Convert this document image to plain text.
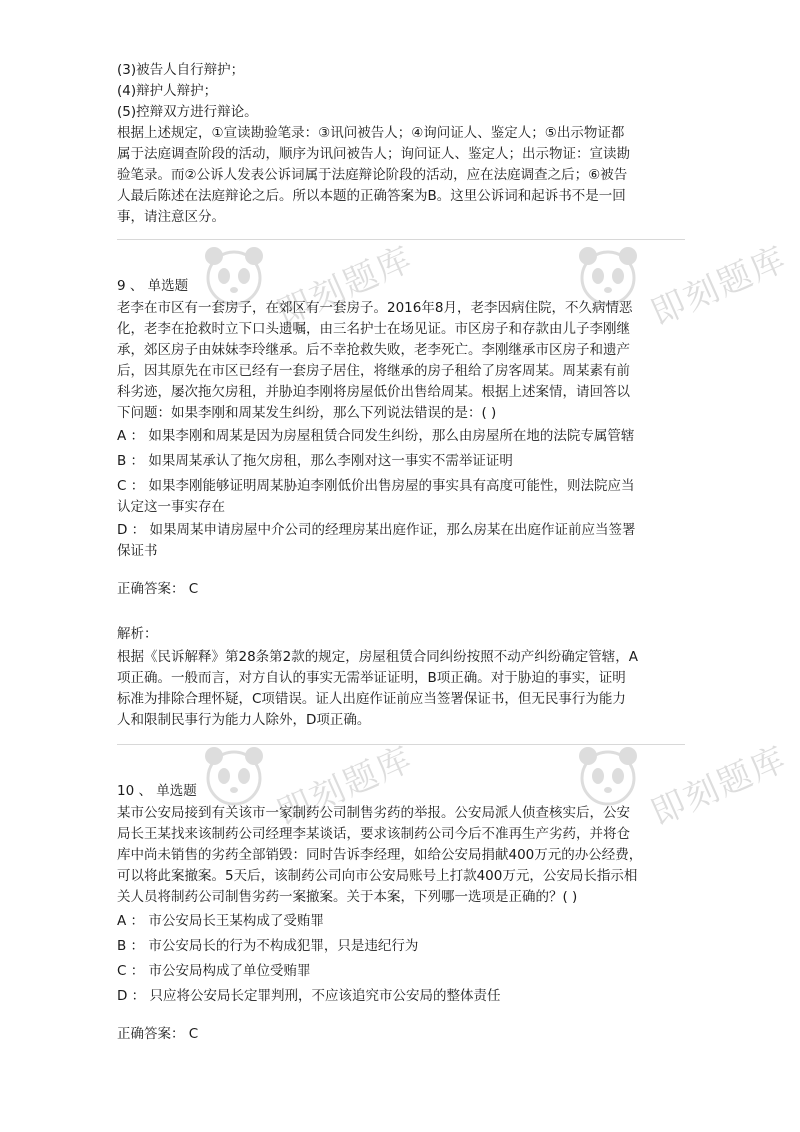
即刻题库	即刻题库
即刻题库	即刻题库
(3)被告人自行辩护；
(4)辩护人辩护；
(5)控辩双方进行辩论。
根据上述规定，①宣读勘验笔录：③讯问被告人；④询问证人、鉴定人；⑤出示物证都
属于法庭调查阶段的活动，顺序为讯问被告人；询问证人、鉴定人；出示物证：宣读勘
验笔录。而②公诉人发表公诉词属于法庭辩论阶段的活动，应在法庭调查之后；⑥被告
人最后陈述在法庭辩论之后。所以本题的正确答案为B。这里公诉词和起诉书不是一回
事，请注意区分。
9 、 单选题
老李在市区有一套房子，在郊区有一套房子。2016年8月，老李因病住院，不久病情恶
化，老李在抢救时立下口头遗嘱，由三名护士在场见证。市区房子和存款由儿子李刚继
承，郊区房子由妹妹李玲继承。后不幸抢救失败，老李死亡。李刚继承市区房子和遗产
后，因其原先在市区已经有一套房子居住，将继承的房子租给了房客周某。周某素有前
科劣迹，屡次拖欠房租，并胁迫李刚将房屋低价出售给周某。根据上述案情，请回答以
下问题：如果李刚和周某发生纠纷，那么下列说法错误的是：( )
A ： 如果李刚和周某是因为房屋租赁合同发生纠纷，那么由房屋所在地的法院专属管辖
B ： 如果周某承认了拖欠房租，那么李刚对这一事实不需举证证明
C ： 如果李刚能够证明周某胁迫李刚低价出售房屋的事实具有高度可能性，则法院应当
认定这一事实存在
D ： 如果周某申请房屋中介公司的经理房某出庭作证，那么房某在出庭作证前应当签署
保证书
正确答案： C
解析：
根据《民诉解释》第28条第2款的规定，房屋租赁合同纠纷按照不动产纠纷确定管辖，A
项正确。一般而言，对方自认的事实无需举证证明，B项正确。对于胁迫的事实，证明
标准为排除合理怀疑，C项错误。证人出庭作证前应当签署保证书，但无民事行为能力
人和限制民事行为能力人除外，D项正确。
10 、 单选题
某市公安局接到有关该市一家制药公司制售劣药的举报。公安局派人侦查核实后，公安
局长王某找来该制药公司经理李某谈话，要求该制药公司今后不准再生产劣药，并将仓
库中尚未销售的劣药全部销毁：同时告诉李经理，如给公安局捐献400万元的办公经费，
可以将此案撤案。5天后，该制药公司向市公安局账号上打款400万元，公安局长指示相
关人员将制药公司制售劣药一案撤案。关于本案，下列哪一选项是正确的？( )
A ： 市公安局长王某构成了受贿罪
B ： 市公安局长的行为不构成犯罪，只是违纪行为
C ： 市公安局构成了单位受贿罪
D ： 只应将公安局长定罪判刑，不应该追究市公安局的整体责任
正确答案： C
